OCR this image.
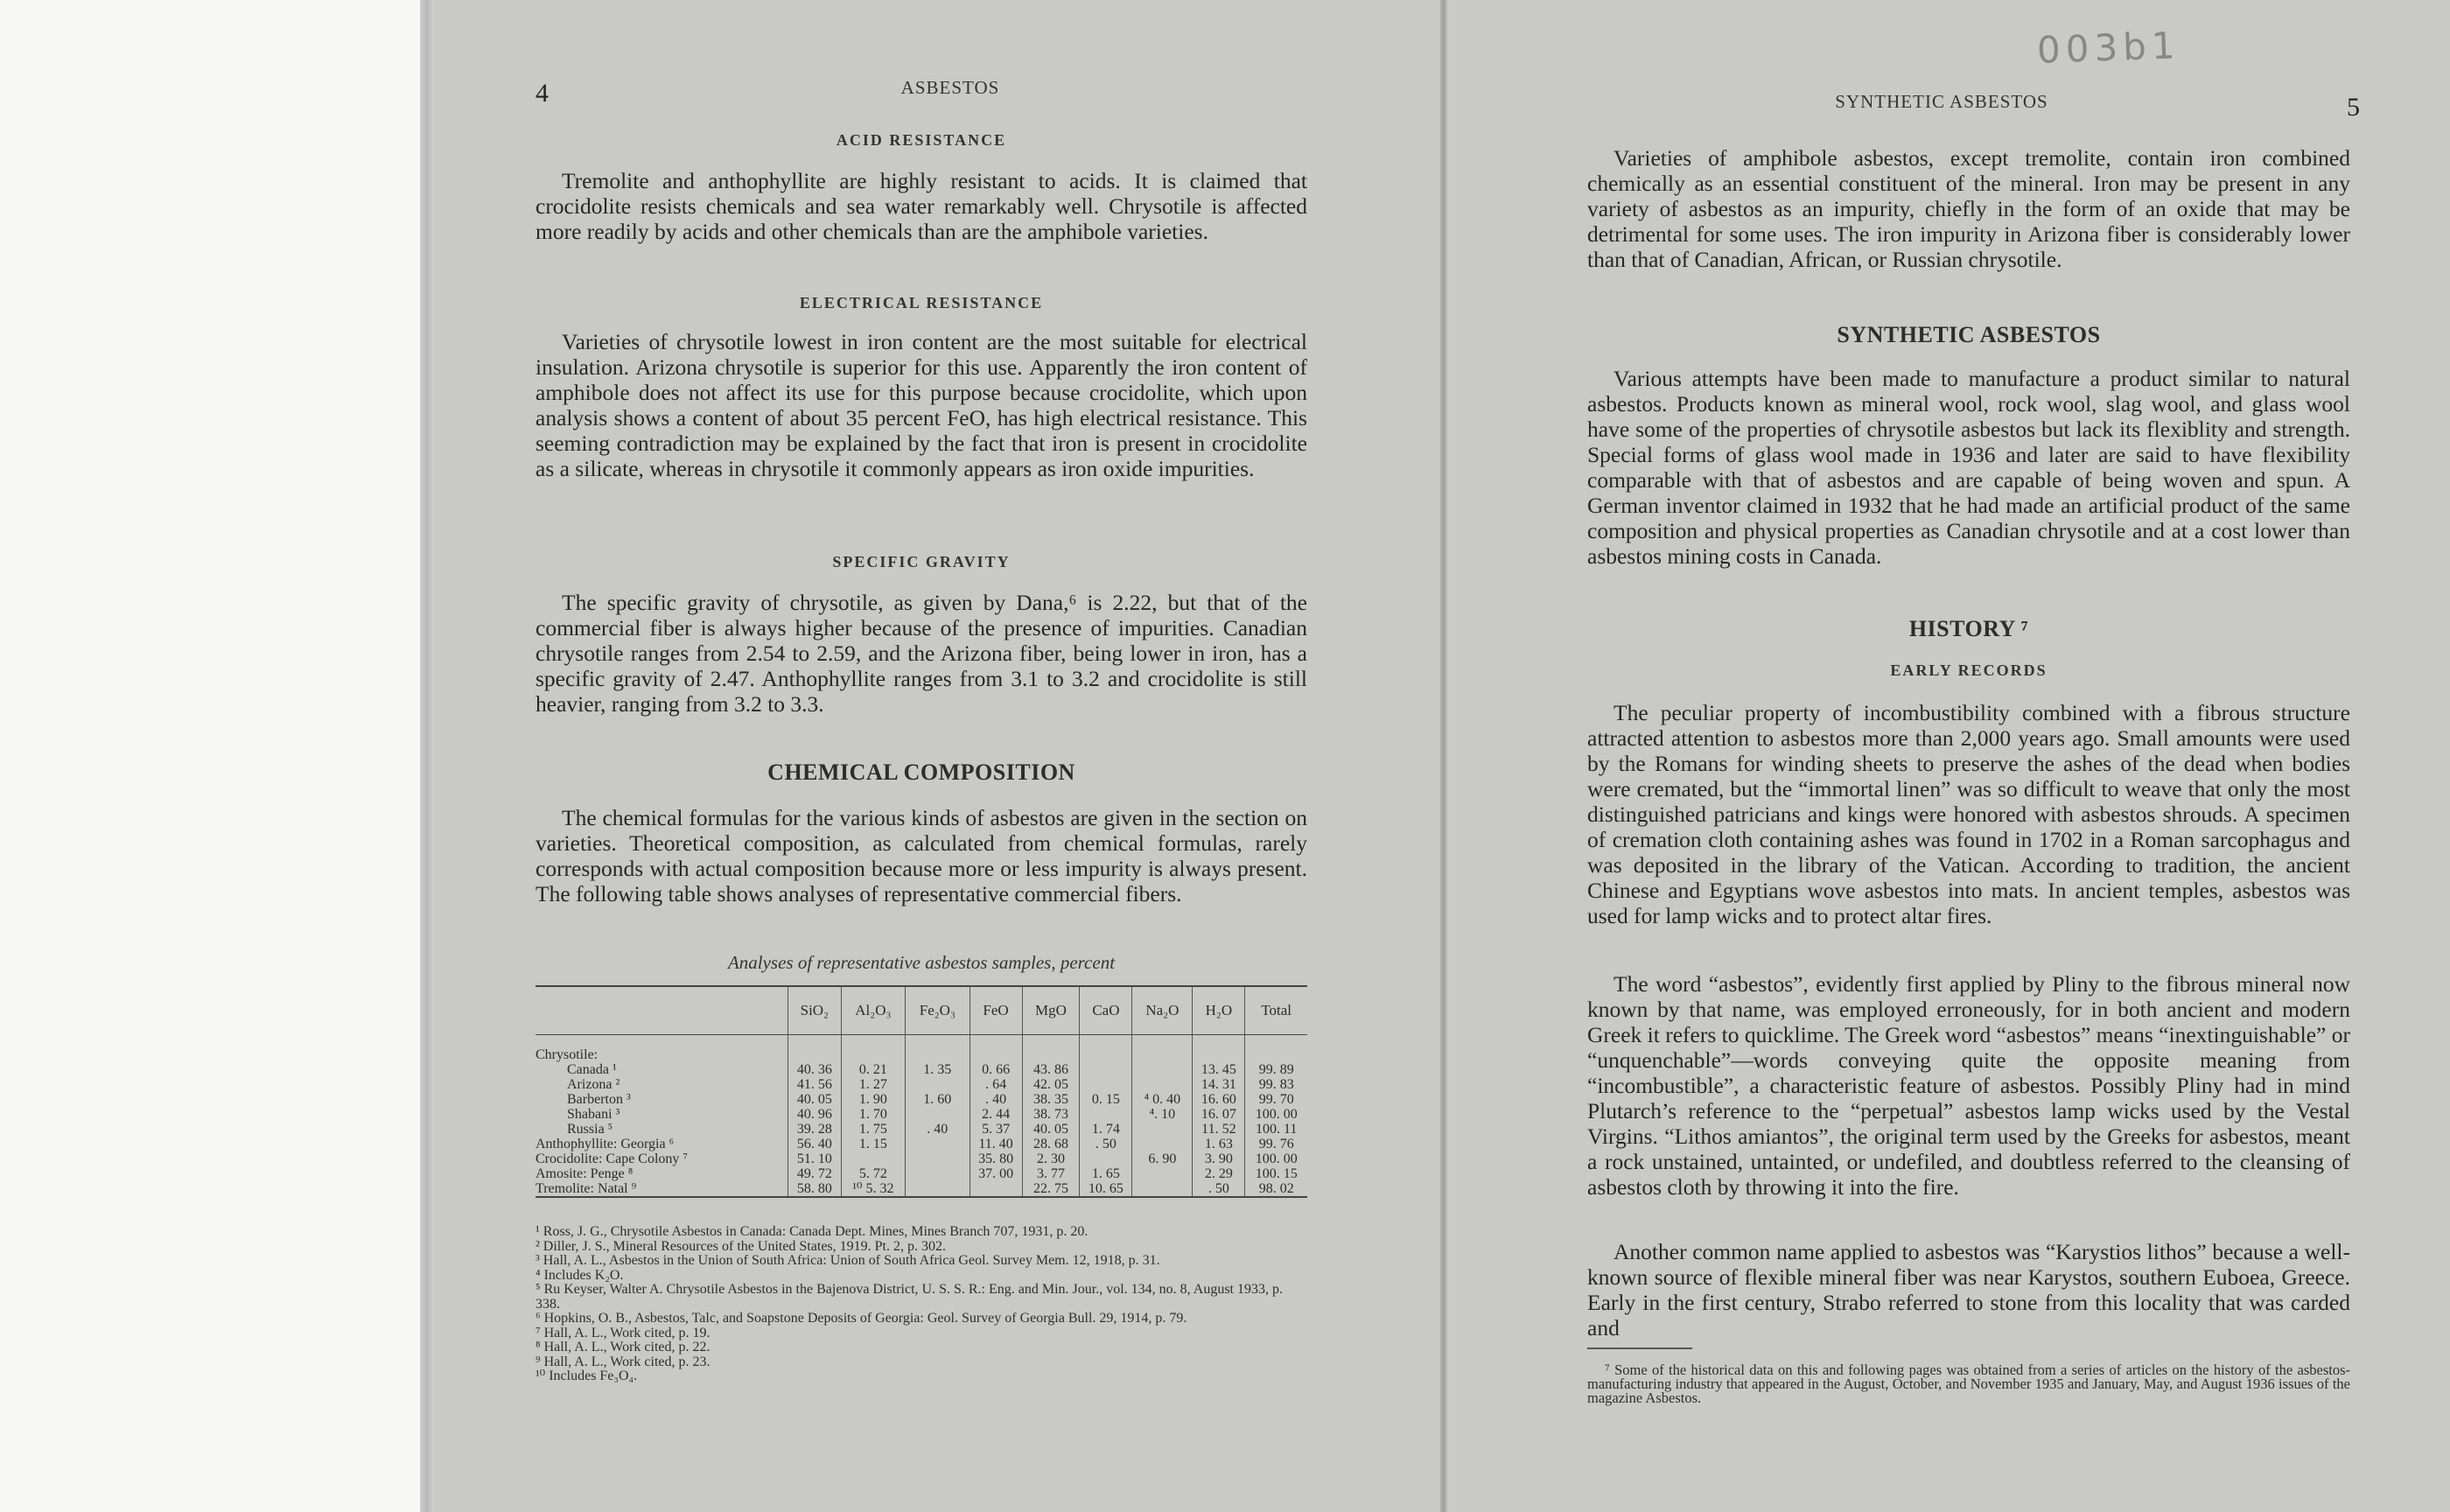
4	ASBESTOS
ACID RESISTANCE

Tremolite and anthophyllite are highly resistant to acids. It is claimed that crocidolite resists chemicals and sea water remarkably well. Chrysotile is affected more readily by acids and other chemicals than are the amphibole varieties.

ELECTRICAL RESISTANCE

Varieties of chrysotile lowest in iron content are the most suitable for electrical insulation. Arizona chrysotile is superior for this use. Apparently the iron content of amphibole does not affect its use for this purpose because crocidolite, which upon analysis shows a content of about 35 percent FeO, has high electrical resistance. This seeming contradiction may be explained by the fact that iron is present in crocidolite as a silicate, whereas in chrysotile it commonly appears as iron oxide impurities.

SPECIFIC GRAVITY

The specific gravity of chrysotile, as given by Dana,⁶ is 2.22, but that of the commercial fiber is always higher because of the presence of impurities. Canadian chrysotile ranges from 2.54 to 2.59, and the Arizona fiber, being lower in iron, has a specific gravity of 2.47. Anthophyllite ranges from 3.1 to 3.2 and crocidolite is still heavier, ranging from 3.2 to 3.3.

CHEMICAL COMPOSITION

The chemical formulas for the various kinds of asbestos are given in the section on varieties. Theoretical composition, as calculated from chemical formulas, rarely corresponds with actual composition because more or less impurity is always present. The following table shows analyses of representative commercial fibers.

Analyses of representative asbestos samples, percent
	SiO₂	Al₂O₃	Fe₂O₃	FeO	MgO	CaO	Na₂O	H₂O	Total

Chrysotile:									
Canada ¹	40. 36	0. 21	1. 35	0. 66	43. 86			13. 45	99. 89
Arizona ²	41. 56	1. 27		. 64	42. 05			14. 31	99. 83
Barberton ³	40. 05	1. 90	1. 60	. 40	38. 35	0. 15	⁴ 0. 40	16. 60	99. 70
Shabani ³	40. 96	1. 70		2. 44	38. 73		⁴. 10	16. 07	100. 00
Russia ⁵	39. 28	1. 75	. 40	5. 37	40. 05	1. 74		11. 52	100. 11
Anthophyllite: Georgia ⁶	56. 40	1. 15		11. 40	28. 68	. 50		1. 63	99. 76
Crocidolite: Cape Colony ⁷	51. 10			35. 80	2. 30		6. 90	3. 90	100. 00
Amosite: Penge ⁸	49. 72	5. 72		37. 00	3. 77	1. 65		2. 29	100. 15
Tremolite: Natal ⁹	58. 80	¹⁰ 5. 32			22. 75	10. 65		. 50	98. 02

¹ Ross, J. G., Chrysotile Asbestos in Canada: Canada Dept. Mines, Mines Branch 707, 1931, p. 20.

² Diller, J. S., Mineral Resources of the United States, 1919. Pt. 2, p. 302.

³ Hall, A. L., Asbestos in the Union of South Africa: Union of South Africa Geol. Survey Mem. 12, 1918, p. 31.

⁴ Includes K₂O.

⁵ Ru Keyser, Walter A. Chrysotile Asbestos in the Bajenova District, U. S. S. R.: Eng. and Min. Jour., vol. 134, no. 8, August 1933, p. 338.

⁶ Hopkins, O. B., Asbestos, Talc, and Soapstone Deposits of Georgia: Geol. Survey of Georgia Bull. 29, 1914, p. 79.

⁷ Hall, A. L., Work cited, p. 19.

⁸ Hall, A. L., Work cited, p. 22.

⁹ Hall, A. L., Work cited, p. 23.

¹⁰ Includes Fe₃O₄.

003b1
SYNTHETIC ASBESTOS	5

Varieties of amphibole asbestos, except tremolite, contain iron combined chemically as an essential constituent of the mineral. Iron may be present in any variety of asbestos as an impurity, chiefly in the form of an oxide that may be detrimental for some uses. The iron impurity in Arizona fiber is considerably lower than that of Canadian, African, or Russian chrysotile.

SYNTHETIC ASBESTOS

Various attempts have been made to manufacture a product similar to natural asbestos. Products known as mineral wool, rock wool, slag wool, and glass wool have some of the properties of chrysotile asbestos but lack its flexiblity and strength. Special forms of glass wool made in 1936 and later are said to have flexibility comparable with that of asbestos and are capable of being woven and spun. A German inventor claimed in 1932 that he had made an artificial product of the same composition and physical properties as Canadian chrysotile and at a cost lower than asbestos mining costs in Canada.

HISTORY ⁷
EARLY RECORDS

The peculiar property of incombustibility combined with a fibrous structure attracted attention to asbestos more than 2,000 years ago. Small amounts were used by the Romans for winding sheets to preserve the ashes of the dead when bodies were cremated, but the “immortal linen” was so difficult to weave that only the most distinguished patricians and kings were honored with asbestos shrouds. A specimen of cremation cloth containing ashes was found in 1702 in a Roman sarcophagus and was deposited in the library of the Vatican. According to tradition, the ancient Chinese and Egyptians wove asbestos into mats. In ancient temples, asbestos was used for lamp wicks and to protect altar fires.

The word “asbestos”, evidently first applied by Pliny to the fibrous mineral now known by that name, was employed erroneously, for in both ancient and modern Greek it refers to quicklime. The Greek word “asbestos” means “inextinguishable” or “unquenchable”—words conveying quite the opposite meaning from “incombustible”, a characteristic feature of asbestos. Possibly Pliny had in mind Plutarch’s reference to the “perpetual” asbestos lamp wicks used by the Vestal Virgins. “Lithos amiantos”, the original term used by the Greeks for asbestos, meant a rock unstained, untainted, or undefiled, and doubtless referred to the cleansing of asbestos cloth by throwing it into the fire.

Another common name applied to asbestos was “Karystios lithos” because a well-known source of flexible mineral fiber was near Karystos, southern Euboea, Greece. Early in the first century, Strabo referred to stone from this locality that was carded and

⁷ Some of the historical data on this and following pages was obtained from a series of articles on the history of the asbestos-manufacturing industry that appeared in the August, October, and November 1935 and January, May, and August 1936 issues of the magazine Asbestos.
